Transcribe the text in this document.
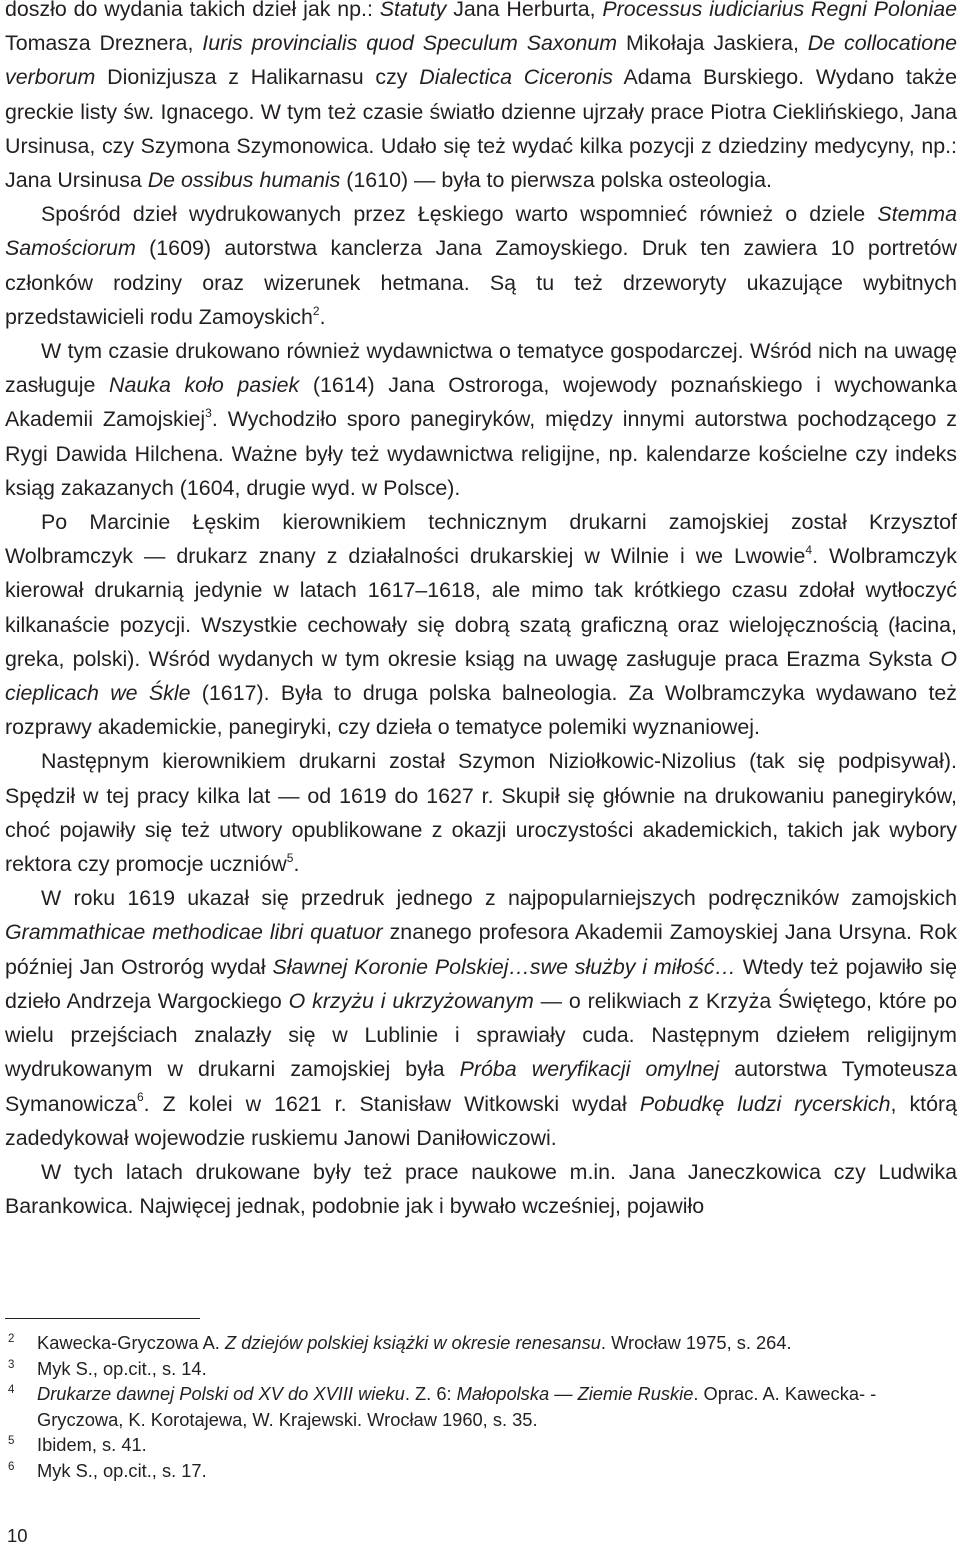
doszło do wydania takich dzieł jak np.: Statuty Jana Herburta, Processus iudiciarius Regni Poloniae Tomasza Dreznera, Iuris provincialis quod Speculum Saxonum Mikołaja Jaskiera, De collocatione verborum Dionizjusza z Halikarnasu czy Dialectica Ciceronis Adama Burskiego. Wydano także greckie listy św. Ignacego. W tym też czasie światło dzienne ujrzały prace Piotra Cieklińskiego, Jana Ursinusa, czy Szymona Szymonowica. Udało się też wydać kilka pozycji z dziedziny medycyny, np.: Jana Ursinusa De ossibus humanis (1610) — była to pierwsza polska osteologia.

Spośród dzieł wydrukowanych przez Łęskiego warto wspomnieć również o dziele Stemma Samościorum (1609) autorstwa kanclerza Jana Zamoyskiego. Druk ten zawiera 10 portretów członków rodziny oraz wizerunek hetmana. Są tu też drzeworyty ukazujące wybitnych przedstawicieli rodu Zamoyskich$^2$.

W tym czasie drukowano również wydawnictwa o tematyce gospodarczej. Wśród nich na uwagę zasługuje Nauka koło pasiek (1614) Jana Ostroroga, wojewody poznańskiego i wychowanka Akademii Zamojskiej$^3$. Wychodziło sporo panegiryków, między innymi autorstwa pochodzącego z Rygi Dawida Hilchena. Ważne były też wydawnictwa religijne, np. kalendarze kościelne czy indeks ksiąg zakazanych (1604, drugie wyd. w Polsce).

Po Marcinie Łęskim kierownikiem technicznym drukarni zamojskiej został Krzysztof Wolbramczyk — drukarz znany z działalności drukarskiej w Wilnie i we Lwowie$^4$. Wolbramczyk kierował drukarnią jedynie w latach 1617–1618, ale mimo tak krótkiego czasu zdołał wytłoczyć kilkanaście pozycji. Wszystkie cechowały się dobrą szatą graficzną oraz wielojęcznością (łacina, greka, polski). Wśród wydanych w tym okresie ksiąg na uwagę zasługuje praca Erazma Syksta O cieplicach we Śkle (1617). Była to druga polska balneologia. Za Wolbramczyka wydawano też rozprawy akademickie, panegiryki, czy dzieła o tematyce polemiki wyznaniowej.

Następnym kierownikiem drukarni został Szymon Niziołkowic-Nizolius (tak się podpisywał). Spędził w tej pracy kilka lat — od 1619 do 1627 r. Skupił się głównie na drukowaniu panegiryków, choć pojawiły się też utwory opublikowane z okazji uroczystości akademickich, takich jak wybory rektora czy promocje uczniów$^5$.

W roku 1619 ukazał się przedruk jednego z najpopularniejszych podręczników zamojskich Grammathicae methodicae libri quatuor znanego profesora Akademii Zamoyskiej Jana Ursyna. Rok później Jan Ostroróg wydał Sławnej Koronie Polskiej…swe służby i miłość… Wtedy też pojawiło się dzieło Andrzeja Wargockiego O krzyżu i ukrzyżowanym — o relikwiach z Krzyża Świętego, które po wielu przejściach znalazły się w Lublinie i sprawiały cuda. Następnym dziełem religijnym wydrukowanym w drukarni zamojskiej była Próba weryfikacji omylnej autorstwa Tymoteusza Symanowicza$^6$. Z kolei w 1621 r. Stanisław Witkowski wydał Pobudkę ludzi rycerskich, którą zadedykował wojewodzie ruskiemu Janowi Daniłowiczowi.

W tych latach drukowane były też prace naukowe m.in. Jana Janeczkowica czy Ludwika Barankowica. Najwięcej jednak, podobnie jak i bywało wcześniej, pojawiło

2	Kawecka-Gryczowa A. Z dziejów polskiej książki w okresie renesansu. Wrocław 1975, s. 264.
3	Myk S., op.cit., s. 14.
4	Drukarze dawnej Polski od XV do XVIII wieku. Z. 6: Małopolska — Ziemie Ruskie. Oprac. A. Kawecka- -Gryczowa, K. Korotajewa, W. Krajewski. Wrocław 1960, s. 35.
5	Ibidem, s. 41.
6	Myk S., op.cit., s. 17.
10
